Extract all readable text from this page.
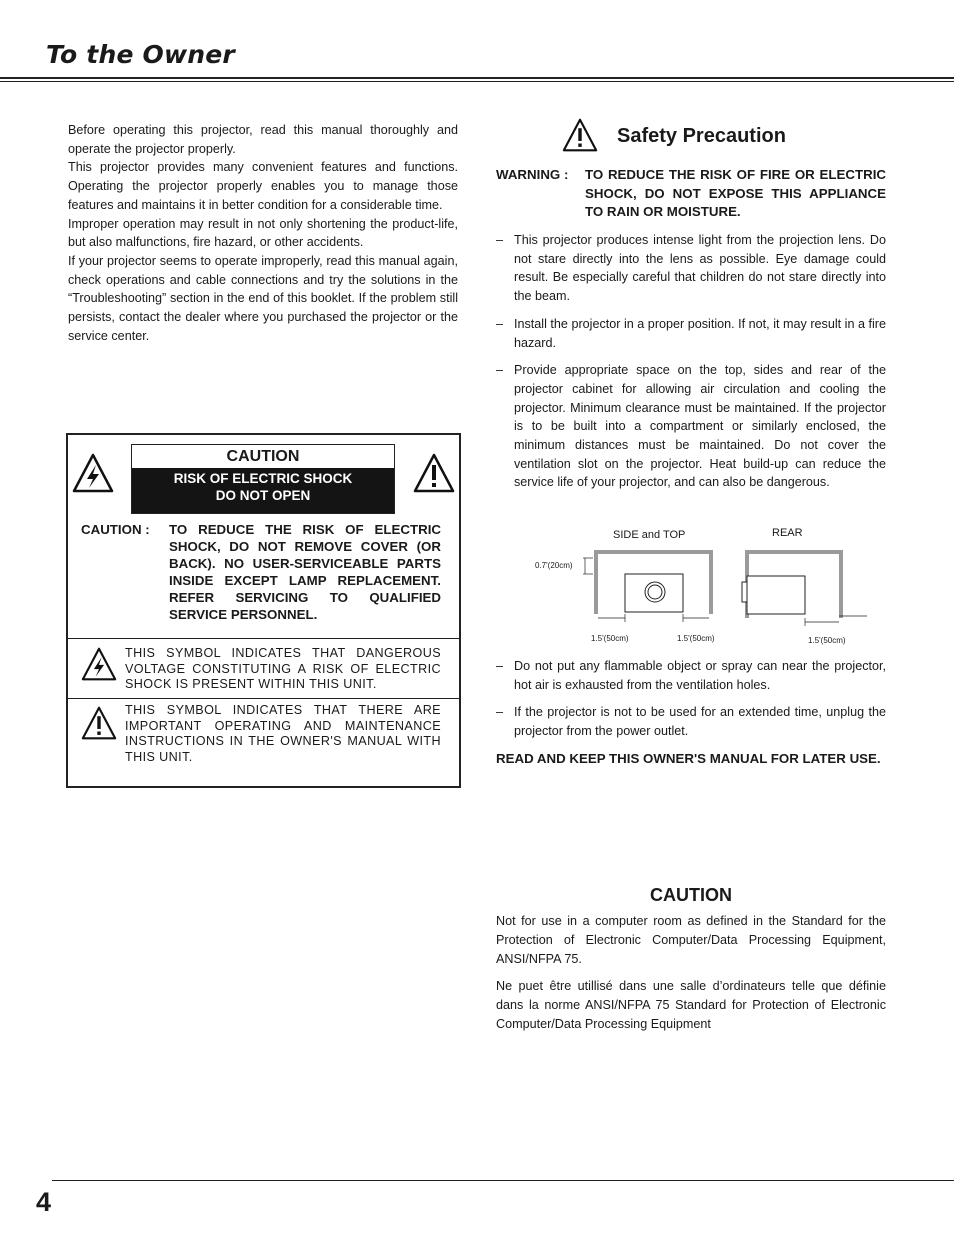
To the Owner

Before operating this projector, read this manual thoroughly and operate the projector properly.

This projector provides many convenient features and functions. Operating the projector properly enables you to manage those features and maintains it in better condition for a considerable time.

Improper operation may result in not only shortening the product-life, but also malfunctions, fire hazard, or other accidents.

If your projector seems to operate improperly, read this manual again, check operations and cable connections and try the solutions in the “Troubleshooting” section in the end of this booklet. If the problem still persists, contact the dealer where you purchased the projector or the service center.

CAUTION
RISK OF ELECTRIC SHOCK
DO NOT OPEN
CAUTION : TO REDUCE THE RISK OF ELECTRIC SHOCK, DO NOT REMOVE COVER (OR BACK). NO USER-SERVICEABLE PARTS INSIDE EXCEPT LAMP REPLACEMENT. REFER SERVICING TO QUALIFIED SERVICE PERSONNEL.
THIS SYMBOL INDICATES THAT DANGEROUS VOLTAGE CONSTITUTING A RISK OF ELECTRIC SHOCK IS PRESENT WITHIN THIS UNIT.
THIS SYMBOL INDICATES THAT THERE ARE IMPORTANT OPERATING AND MAINTENANCE INSTRUCTIONS IN THE OWNER'S MANUAL WITH THIS UNIT.
Safety Precaution
WARNING : TO REDUCE THE RISK OF FIRE OR ELECTRIC SHOCK, DO NOT EXPOSE THIS APPLIANCE TO RAIN OR MOISTURE.
– This projector produces intense light from the projection lens. Do not stare directly into the lens as possible. Eye damage could result. Be especially careful that children do not stare directly into the beam.
– Install the projector in a proper position. If not, it may result in a fire hazard.
– Provide appropriate space on the top, sides and rear of the projector cabinet for allowing air circulation and cooling the projector. Minimum clearance must be maintained. If the projector is to be built into a compartment or similarly enclosed, the minimum distances must be maintained. Do not cover the ventilation slot on the projector. Heat build-up can reduce the service life of your projector, and can also be dangerous.
SIDE and TOP	REAR
0.7'(20cm)
1.5'(50cm)	1.5'(50cm)	1.5'(50cm)
– Do not put any flammable object or spray can near the projector, hot air is exhausted from the ventilation holes.
– If the projector is not to be used for an extended time, unplug the projector from the power outlet.
READ AND KEEP THIS OWNER'S MANUAL FOR LATER USE.
CAUTION

Not for use in a computer room as defined in the Standard for the Protection of Electronic Computer/Data Processing Equipment, ANSI/NFPA 75.

Ne puet être utillisé dans une salle d’ordinateurs telle que définie dans la norme ANSI/NFPA 75 Standard for Protection of Electronic Computer/Data Processing Equipment

4
